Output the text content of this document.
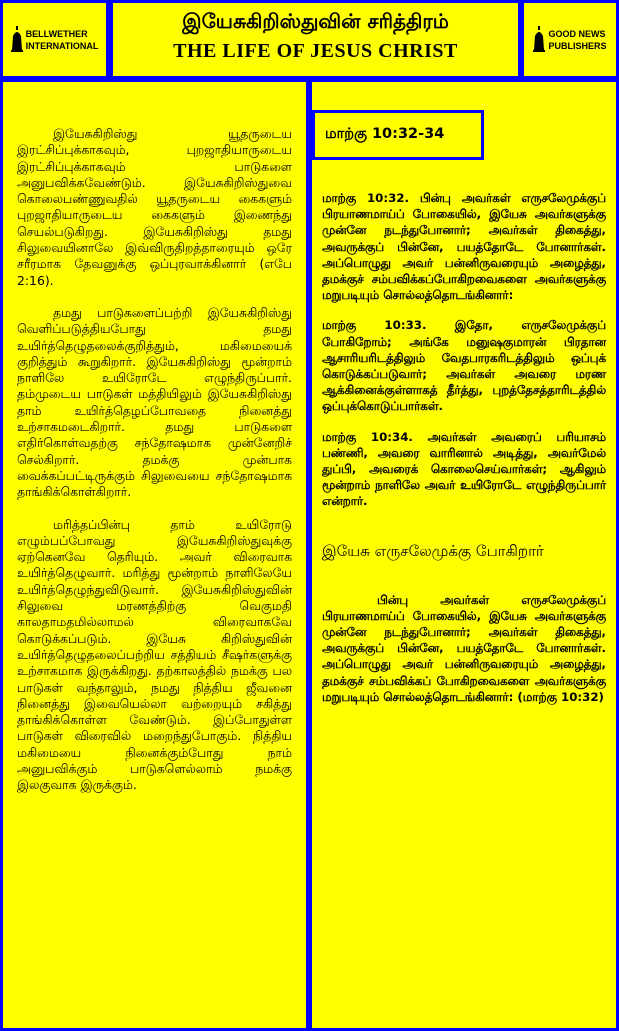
BELLWETHER
INTERNATIONAL
இயேசுகிறிஸ்துவின் சரித்திரம்
THE LIFE OF JESUS CHRIST
GOOD NEWS
PUBLISHERS

இயேசுகிறிஸ்து யூதருடைய இரட்சிப்புக்காகவும், புறஜாதியாருடைய இரட்சிப்புக்காகவும் பாடுகளை அனுபவிக்கவேண்டும். இயேசுகிறிஸ்துவை கொலைபண்ணுவதில் யூதருடைய கைகளும் புறஜாதியாருடைய கைகளும் இணைந்து செயல்படுகிறது. இயேசுகிறிஸ்து தமது சிலுவையினாலே இவ்விருதிறத்தாரையும் ஒரே சரீரமாக தேவனுக்கு ஒப்புரவாக்கினார் (எபே 2:16).

தமது பாடுகளைப்பற்றி இயேசுகிறிஸ்து வெளிப்படுத்தியபோது தமது உயிர்த்தெழுதலைக்குறித்தும், மகிமையைக் குறித்தும் கூறுகிறார். இயேசுகிறிஸ்து மூன்றாம் நாளிலே உயிரோடே எழுந்திருப்பார். தம்முடைய பாடுகள் மத்தியிலும் இயேசுகிறிஸ்து தாம் உயிர்த்தெழப்போவதை நினைத்து உற்சாகமடைகிறார். தமது பாடுகளை எதிர்கொள்வதற்கு சந்தோஷமாக முன்னேறிச் செல்கிறார். தமக்கு முன்பாக வைக்கப்பட்டிருக்கும் சிலுவையை சந்தோஷமாக தாங்கிக்கொள்கிறார்.

மரித்தப்பின்பு தாம் உயிரோடு எழும்பப்போவது இயேசுகிறிஸ்துவுக்கு ஏற்கெனவே தெரியும். அவர் விரைவாக உயிர்த்தெழுவார். மரித்து மூன்றாம் நாளிலேயே உயிர்த்தெழுந்துவிடுவார். இயேசுகிறிஸ்துவின் சிலுவை மரணத்திற்கு வெகுமதி காலதாமதமில்லாமல் விரைவாகவே கொடுக்கப்படும். இயேசு கிறிஸ்துவின் உயிர்த்தெழுதலைப்பற்றிய சத்தியம் சீஷர்களுக்கு உற்சாகமாக இருக்கிறது. தற்காலத்தில் நமக்கு பல பாடுகள் வந்தாலும், நமது நித்திய ஜீவனை நினைத்து இவையெல்லா வற்றையும் சகித்து தாங்கிக்கொள்ள வேண்டும். இப்போதுள்ள பாடுகள் விரைவில் மறைந்துபோகும். நித்திய மகிமையை நினைக்கும்போது நாம் அனுபவிக்கும் பாடுகளெல்லாம் நமக்கு இலகுவாக இருக்கும்.

மாற்கு 10:32. பின்பு அவர்கள் எருசலேமுக்குப் பிரயாணமாய்ப் போகையில், இயேசு அவர்களுக்கு முன்னே நடந்துபோனார்; அவர்கள் திகைத்து, அவருக்குப் பின்னே, பயத்தோடே போனார்கள். அப்பொழுது அவர் பன்னிருவரையும் அழைத்து, தமக்குச் சம்பவிக்கப்போகிறவைகளை அவர்களுக்கு மறுபடியும் சொல்லத்தொடங்கினார்:

மாற்கு 10:33. இதோ, எருசலேமுக்குப் போகிறோம்; அங்கே மனுஷகுமாரன் பிரதான ஆசாரியரிடத்திலும் வேதபாரகரிடத்திலும் ஒப்புக் கொடுக்கப்படுவார்; அவர்கள் அவரை மரண ஆக்கினைக்குள்ளாகத் தீர்த்து, புறத்தேசத்தாரிடத்தில் ஒப்புக்கொடுப்பார்கள்.

மாற்கு 10:34. அவர்கள் அவரைப் பரியாசம் பண்ணி, அவரை வாரினால் அடித்து, அவர்மேல் துப்பி, அவரைக் கொலைசெய்வார்கள்; ஆகிலும் மூன்றாம் நாளிலே அவர் உயிரோடே எழுந்திருப்பார் என்றார்.

இயேசு எருசலேமுக்கு போகிறார்

பின்பு அவர்கள் எருசலேமுக்குப் பிரயாணமாய்ப் போகையில், இயேசு அவர்களுக்கு முன்னே நடந்துபோனார்; அவர்கள் திகைத்து, அவருக்குப் பின்னே, பயத்தோடே போனார்கள். அப்பொழுது அவர் பன்னிருவரையும் அழைத்து, தமக்குச் சம்பவிக்கப் போகிறவைகளை அவர்களுக்கு மறுபடியும் சொல்லத்தொடங்கினார்: (மாற்கு 10:32)

மாற்கு 10:32-34
